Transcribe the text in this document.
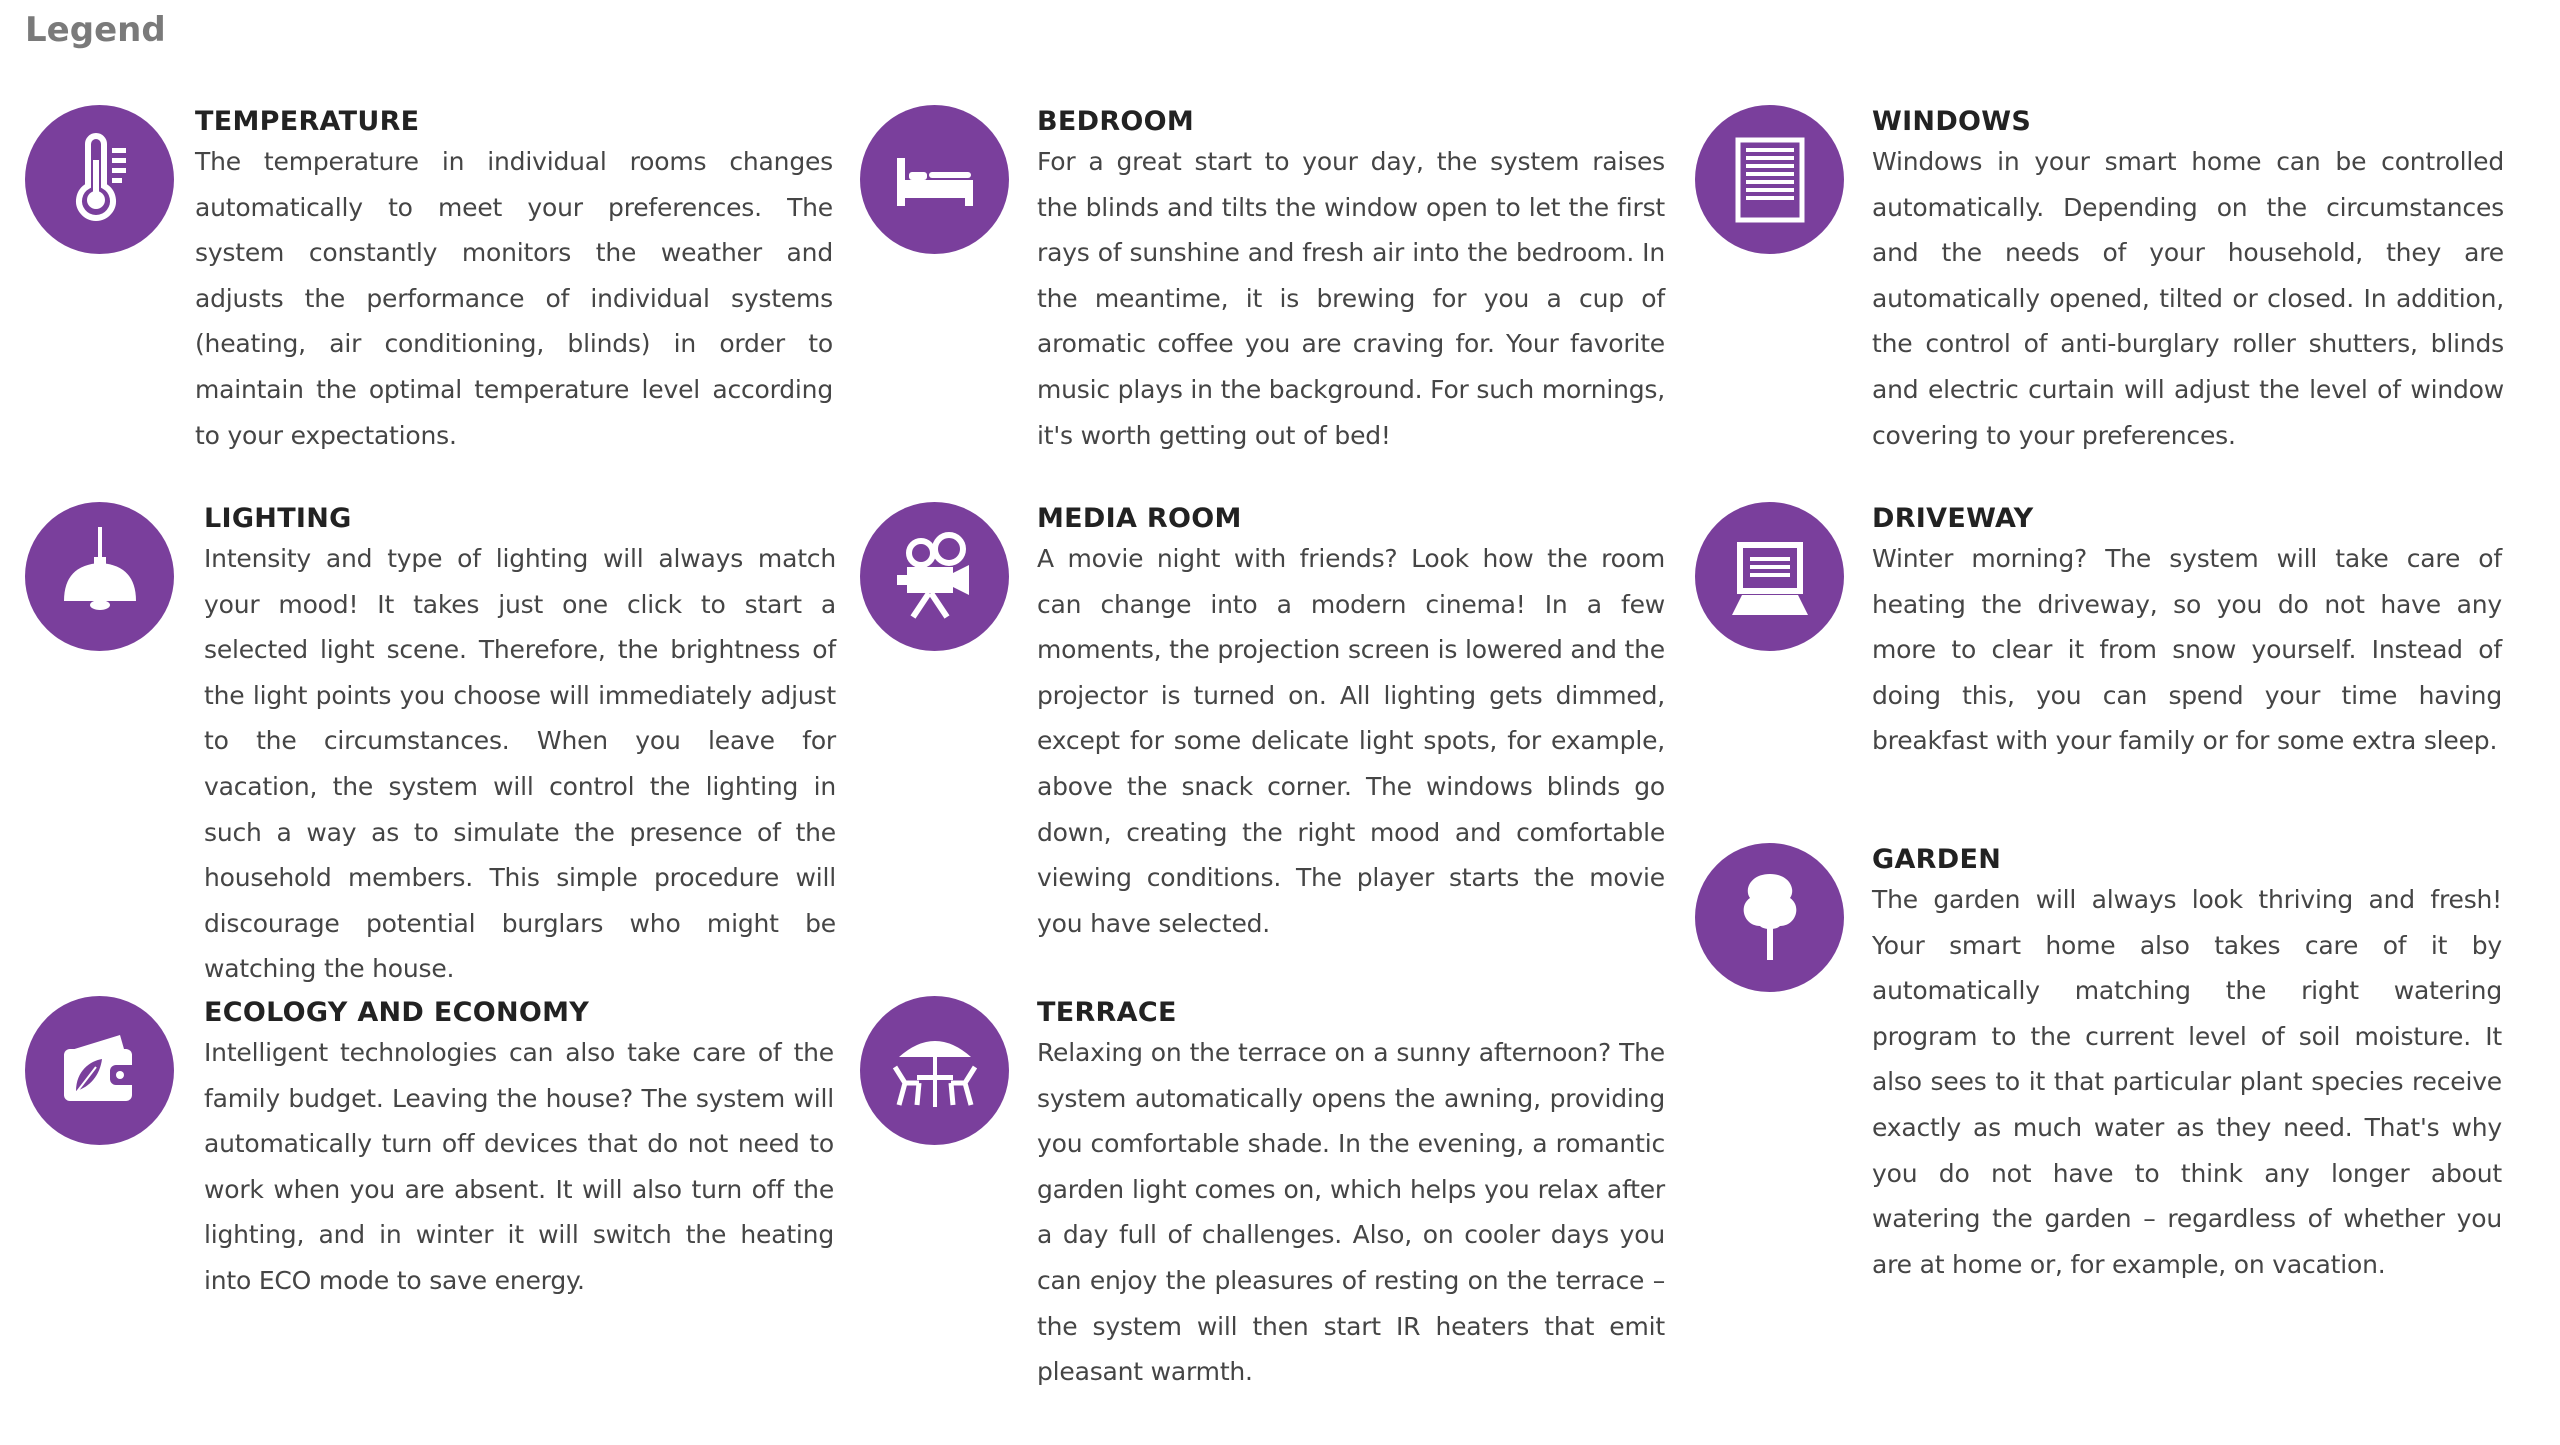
Legend
TEMPERATURE

The temperature in individual rooms changes automatically to meet your preferences. The system constantly monitors the weather and adjusts the performance of individual systems (heating, air conditioning, blinds) in order to maintain the optimal temperature level according to your expectations.

BEDROOM

For a great start to your day, the system raises the blinds and tilts the window open to let the first rays of sunshine and fresh air into the bedroom. In the meantime, it is brewing for you a cup of aromatic coffee you are craving for. Your favorite music plays in the background. For such mornings, it's worth getting out of bed!

WINDOWS

Windows in your smart home can be controlled automatically. Depending on the circumstances and the needs of your household, they are automatically opened, tilted or closed. In addition, the control of anti-burglary roller shutters, blinds and electric curtain will adjust the level of window covering to your preferences.

LIGHTING

Intensity and type of lighting will always match your mood! It takes just one click to start a selected light scene. Therefore, the brightness of the light points you choose will immediately adjust to the circumstances. When you leave for vacation, the system will control the lighting in such a way as to simulate the presence of the household members. This simple procedure will discourage potential burglars who might be watching the house.

MEDIA ROOM

A movie night with friends? Look how the room can change into a modern cinema! In a few moments, the projection screen is lowered and the projector is turned on. All lighting gets dimmed, except for some delicate light spots, for example, above the snack corner. The windows blinds go down, creating the right mood and comfortable viewing conditions. The player starts the movie you have selected.

DRIVEWAY

Winter morning? The system will take care of heating the driveway, so you do not have any more to clear it from snow yourself. Instead of doing this, you can spend your time having breakfast with your family or for some extra sleep.

GARDEN

The garden will always look thriving and fresh! Your smart home also takes care of it by automatically matching the right watering program to the current level of soil moisture. It also sees to it that particular plant species receive exactly as much water as they need. That's why you do not have to think any longer about watering the garden – regardless of whether you are at home or, for example, on vacation.

ECOLOGY AND ECONOMY

Intelligent technologies can also take care of the family budget. Leaving the house? The system will automatically turn off devices that do not need to work when you are absent. It will also turn off the lighting, and in winter it will switch the heating into ECO mode to save energy.

TERRACE

Relaxing on the terrace on a sunny afternoon? The system automatically opens the awning, providing you comfortable shade. In the evening, a romantic garden light comes on, which helps you relax after a day full of challenges. Also, on cooler days you can enjoy the pleasures of resting on the terrace – the system will then start IR heaters that emit pleasant warmth.
